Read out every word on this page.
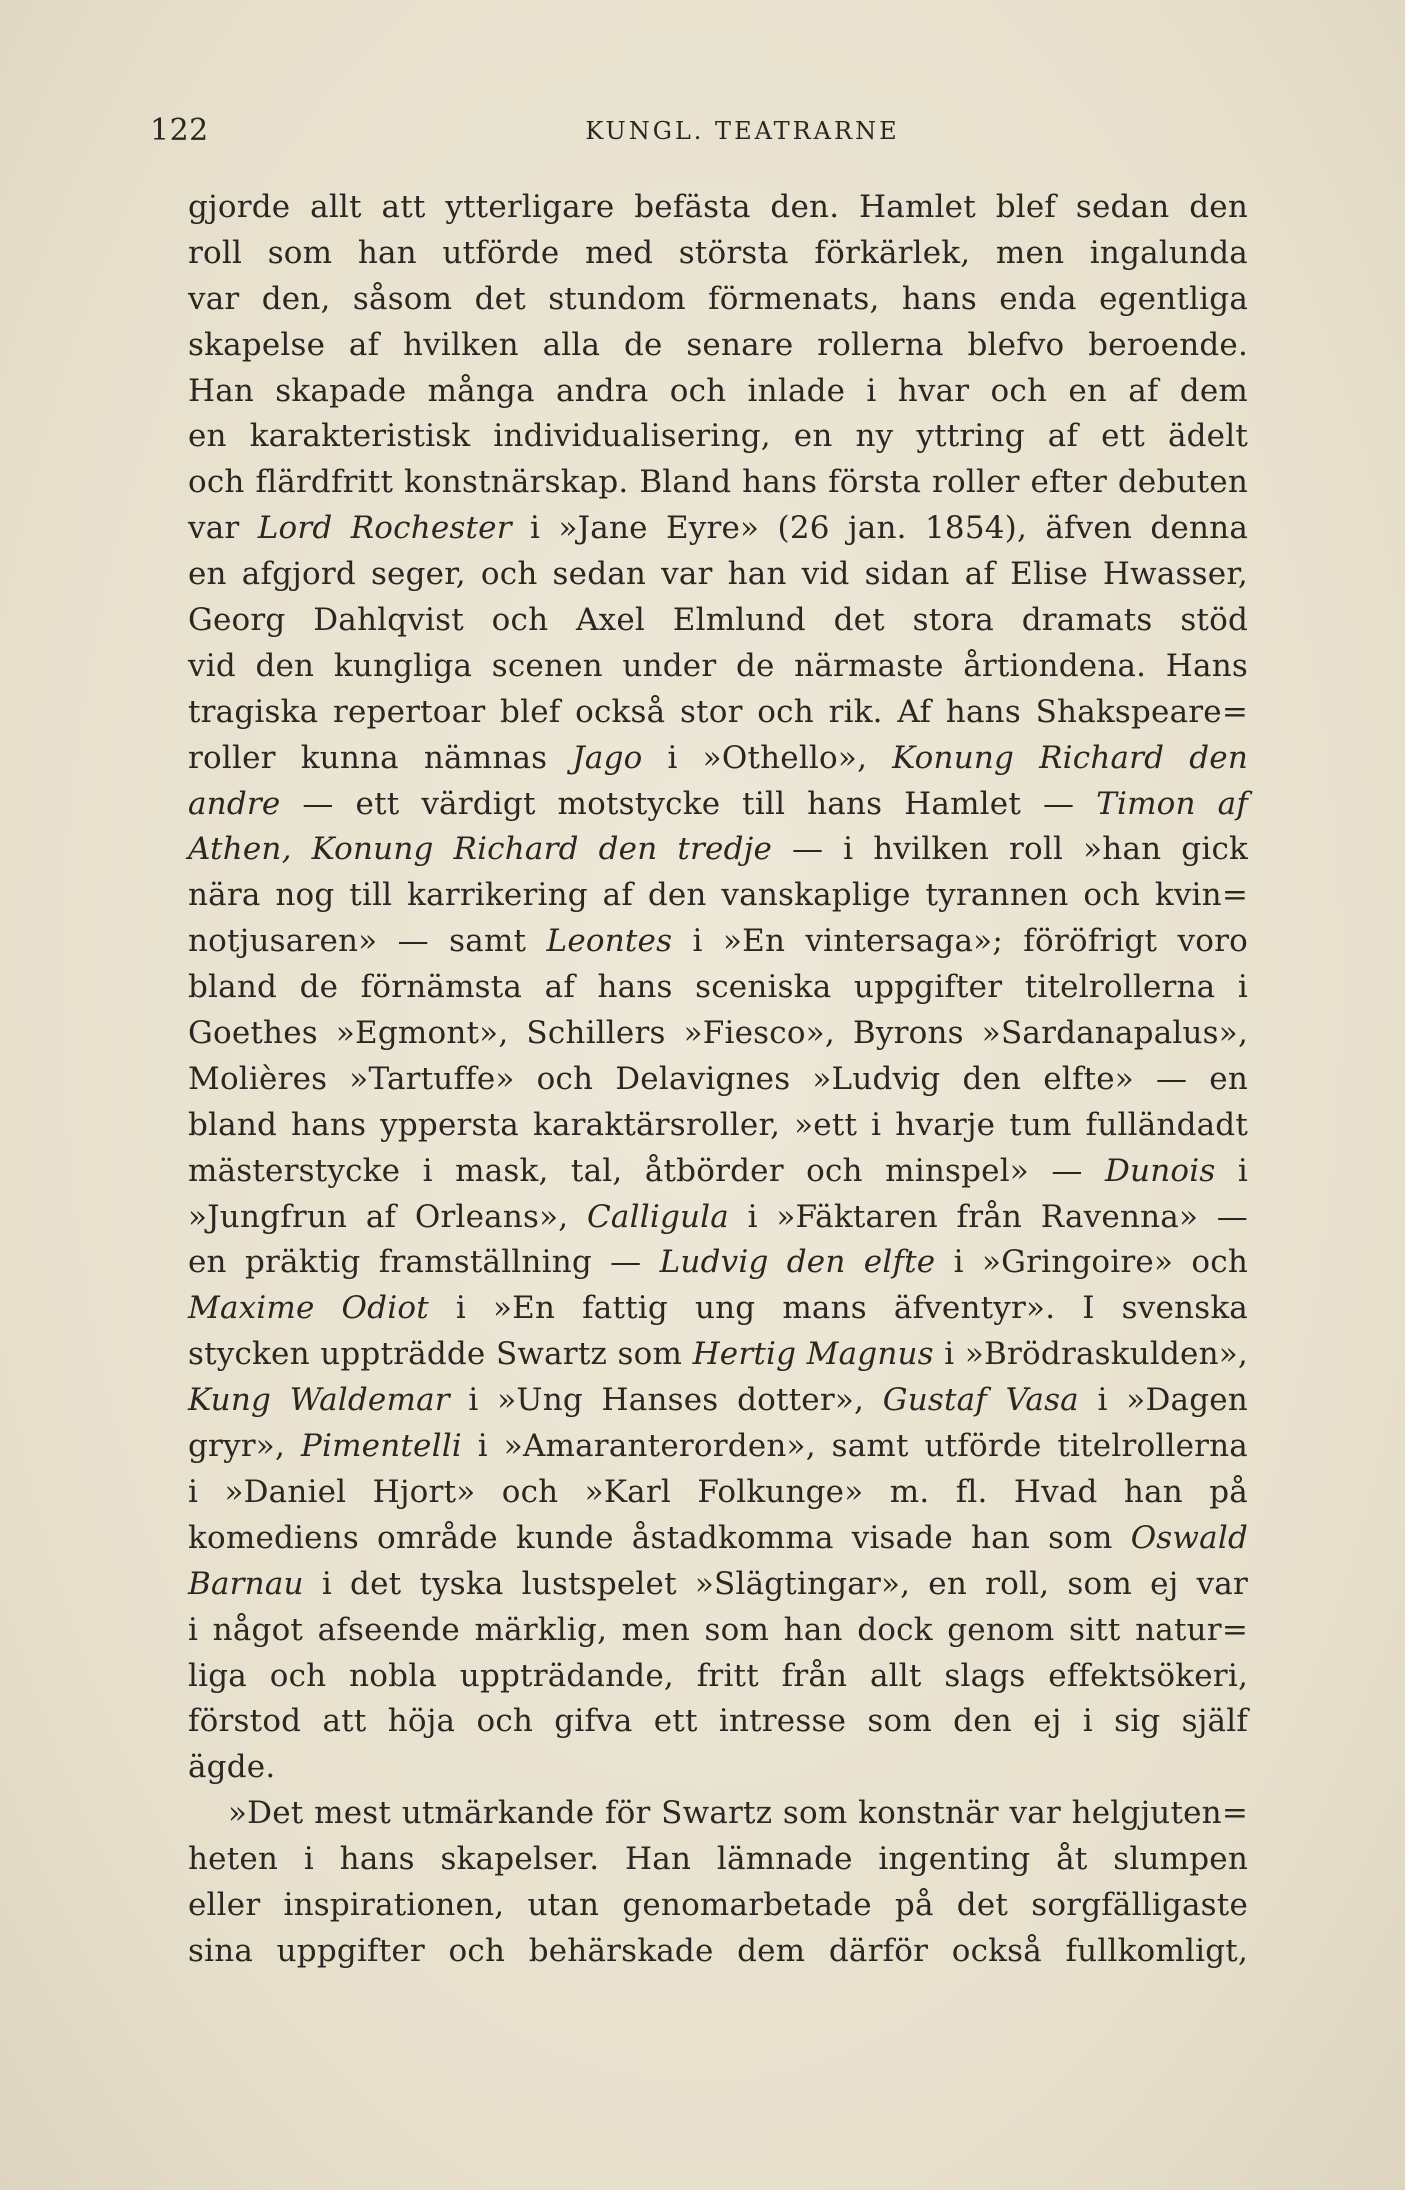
122	KUNGL. TEATRARNE
gjorde allt att ytterligare befästa den. Hamlet blef sedan den
roll som han utförde med största förkärlek, men ingalunda
var den, såsom det stundom förmenats, hans enda egentliga
skapelse af hvilken alla de senare rollerna blefvo beroende.
Han skapade många andra och inlade i hvar och en af dem
en karakteristisk individualisering, en ny yttring af ett ädelt
och flärdfritt konstnärskap. Bland hans första roller efter debuten
var Lord Rochester i »Jane Eyre» (26 jan. 1854), äfven denna
en afgjord seger, och sedan var han vid sidan af Elise Hwasser,
Georg Dahlqvist och Axel Elmlund det stora dramats stöd
vid den kungliga scenen under de närmaste årtiondena. Hans
tragiska repertoar blef också stor och rik. Af hans Shakspeare=
roller kunna nämnas Jago i »Othello», Konung Richard den
andre — ett värdigt motstycke till hans Hamlet — Timon af
Athen, Konung Richard den tredje — i hvilken roll »han gick
nära nog till karrikering af den vanskaplige tyrannen och kvin=
notjusaren» — samt Leontes i »En vintersaga»; föröfrigt voro
bland de förnämsta af hans sceniska uppgifter titelrollerna i
Goethes »Egmont», Schillers »Fiesco», Byrons »Sardanapalus»,
Molières »Tartuffe» och Delavignes »Ludvig den elfte» — en
bland hans yppersta karaktärsroller, »ett i hvarje tum fulländadt
mästerstycke i mask, tal, åtbörder och minspel» — Dunois i
»Jungfrun af Orleans», Calligula i »Fäktaren från Ravenna» —
en präktig framställning — Ludvig den elfte i »Gringoire» och
Maxime Odiot i »En fattig ung mans äfventyr». I svenska
stycken uppträdde Swartz som Hertig Magnus i »Brödraskulden»,
Kung Waldemar i »Ung Hanses dotter», Gustaf Vasa i »Dagen
gryr», Pimentelli i »Amaranterorden», samt utförde titelrollerna
i »Daniel Hjort» och »Karl Folkunge» m. fl. Hvad han på
komediens område kunde åstadkomma visade han som Oswald
Barnau i det tyska lustspelet »Slägtingar», en roll, som ej var
i något afseende märklig, men som han dock genom sitt natur=
liga och nobla uppträdande, fritt från allt slags effektsökeri,
förstod att höja och gifva ett intresse som den ej i sig själf
ägde.
»Det mest utmärkande för Swartz som konstnär var helgjuten=
heten i hans skapelser. Han lämnade ingenting åt slumpen
eller inspirationen, utan genomarbetade på det sorgfälligaste
sina uppgifter och behärskade dem därför också fullkomligt,
